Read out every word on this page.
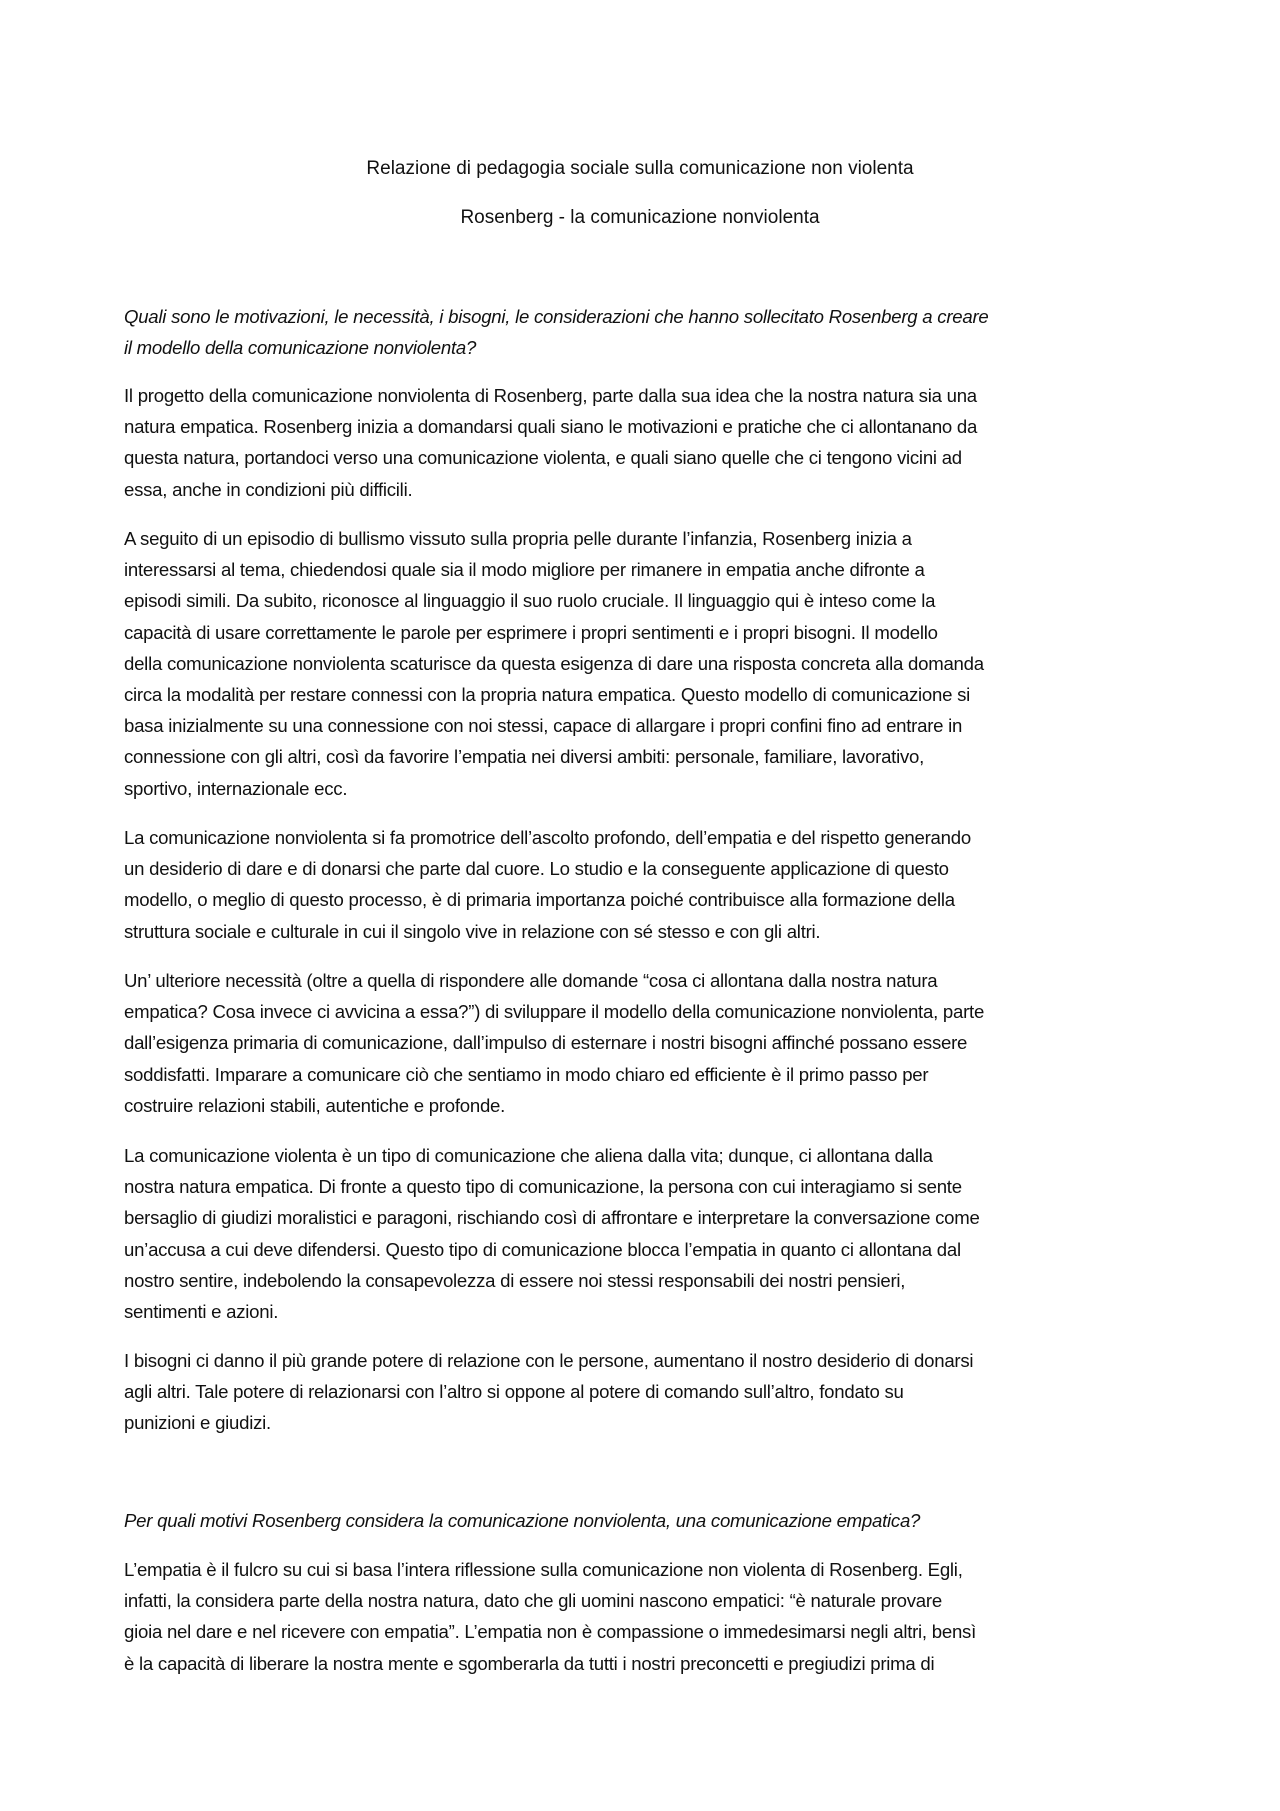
Relazione di pedagogia sociale sulla comunicazione non violenta
Rosenberg - la comunicazione nonviolenta
Quali sono le motivazioni, le necessità, i bisogni, le considerazioni che hanno sollecitato Rosenberg a creare
il modello della comunicazione nonviolenta?
Il progetto della comunicazione nonviolenta di Rosenberg, parte dalla sua idea che la nostra natura sia una
natura empatica. Rosenberg inizia a domandarsi quali siano le motivazioni e pratiche che ci allontanano da
questa natura, portandoci verso una comunicazione violenta, e quali siano quelle che ci tengono vicini ad
essa, anche in condizioni più difficili.
A seguito di un episodio di bullismo vissuto sulla propria pelle durante l’infanzia, Rosenberg inizia a
interessarsi al tema, chiedendosi quale sia il modo migliore per rimanere in empatia anche difronte a
episodi simili. Da subito, riconosce al linguaggio il suo ruolo cruciale. Il linguaggio qui è inteso come la
capacità di usare correttamente le parole per esprimere i propri sentimenti e i propri bisogni. Il modello
della comunicazione nonviolenta scaturisce da questa esigenza di dare una risposta concreta alla domanda
circa la modalità per restare connessi con la propria natura empatica. Questo modello di comunicazione si
basa inizialmente su una connessione con noi stessi, capace di allargare i propri confini fino ad entrare in
connessione con gli altri, così da favorire l’empatia nei diversi ambiti: personale, familiare, lavorativo,
sportivo, internazionale ecc.
La comunicazione nonviolenta si fa promotrice dell’ascolto profondo, dell’empatia e del rispetto generando
un desiderio di dare e di donarsi che parte dal cuore. Lo studio e la conseguente applicazione di questo
modello, o meglio di questo processo, è di primaria importanza poiché contribuisce alla formazione della
struttura sociale e culturale in cui il singolo vive in relazione con sé stesso e con gli altri.
Un’ ulteriore necessità (oltre a quella di rispondere alle domande “cosa ci allontana dalla nostra natura
empatica? Cosa invece ci avvicina a essa?”) di sviluppare il modello della comunicazione nonviolenta, parte
dall’esigenza primaria di comunicazione, dall’impulso di esternare i nostri bisogni affinché possano essere
soddisfatti. Imparare a comunicare ciò che sentiamo in modo chiaro ed efficiente è il primo passo per
costruire relazioni stabili, autentiche e profonde.
La comunicazione violenta è un tipo di comunicazione che aliena dalla vita; dunque, ci allontana dalla
nostra natura empatica. Di fronte a questo tipo di comunicazione, la persona con cui interagiamo si sente
bersaglio di giudizi moralistici e paragoni, rischiando così di affrontare e interpretare la conversazione come
un’accusa a cui deve difendersi. Questo tipo di comunicazione blocca l’empatia in quanto ci allontana dal
nostro sentire, indebolendo la consapevolezza di essere noi stessi responsabili dei nostri pensieri,
sentimenti e azioni.
I bisogni ci danno il più grande potere di relazione con le persone, aumentano il nostro desiderio di donarsi
agli altri. Tale potere di relazionarsi con l’altro si oppone al potere di comando sull’altro, fondato su
punizioni e giudizi.
Per quali motivi Rosenberg considera la comunicazione nonviolenta, una comunicazione empatica?
L’empatia è il fulcro su cui si basa l’intera riflessione sulla comunicazione non violenta di Rosenberg. Egli,
infatti, la considera parte della nostra natura, dato che gli uomini nascono empatici: “è naturale provare
gioia nel dare e nel ricevere con empatia”. L’empatia non è compassione o immedesimarsi negli altri, bensì
è la capacità di liberare la nostra mente e sgomberarla da tutti i nostri preconcetti e pregiudizi prima di
